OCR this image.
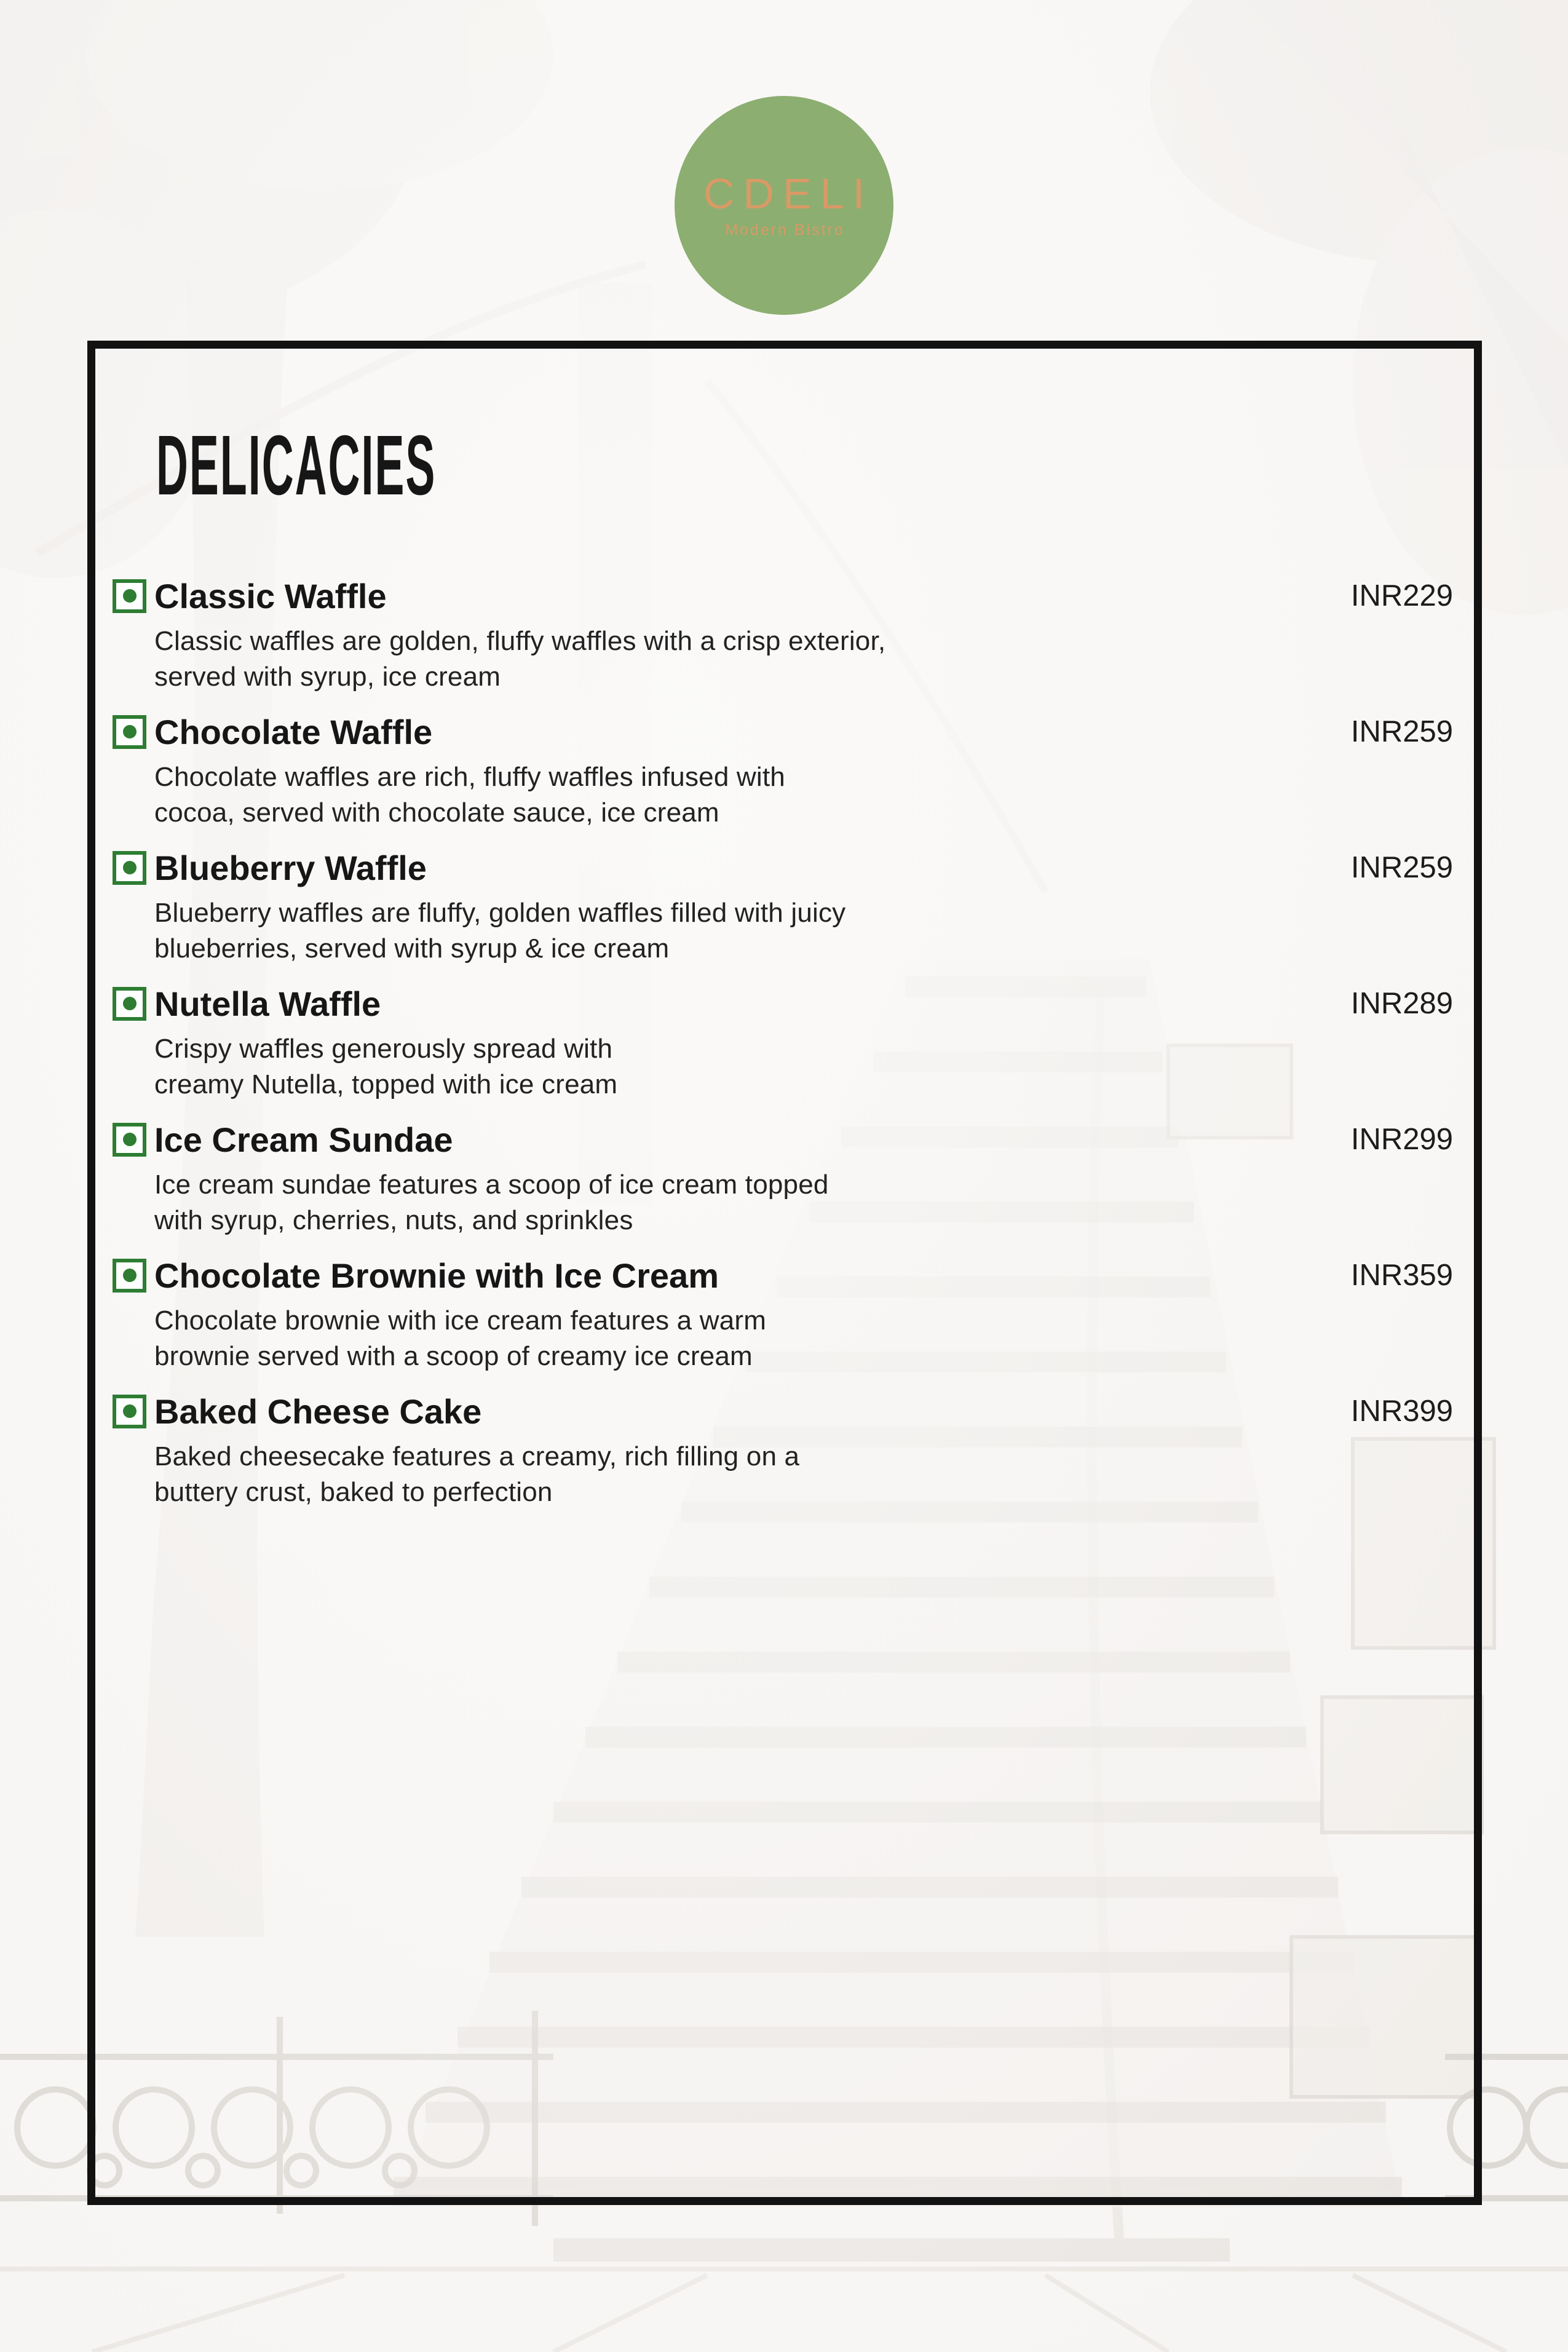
CDELI
Modern Bistro
DELICACIES
Classic Waffle	INR229
Classic waffles are golden, fluffy waffles with a crisp exterior,
served with syrup, ice cream
Chocolate Waffle	INR259
Chocolate waffles are rich, fluffy waffles infused with
cocoa, served with chocolate sauce, ice cream
Blueberry Waffle	INR259
Blueberry waffles are fluffy, golden waffles filled with juicy
blueberries, served with syrup & ice cream
Nutella Waffle	INR289
Crispy waffles generously spread with
creamy Nutella, topped with ice cream
Ice Cream Sundae	INR299
Ice cream sundae features a scoop of ice cream topped
with syrup, cherries, nuts, and sprinkles
Chocolate Brownie with Ice Cream	INR359
Chocolate brownie with ice cream features a warm
brownie served with a scoop of creamy ice cream
Baked Cheese Cake	INR399
Baked cheesecake features a creamy, rich filling on a
buttery crust, baked to perfection
